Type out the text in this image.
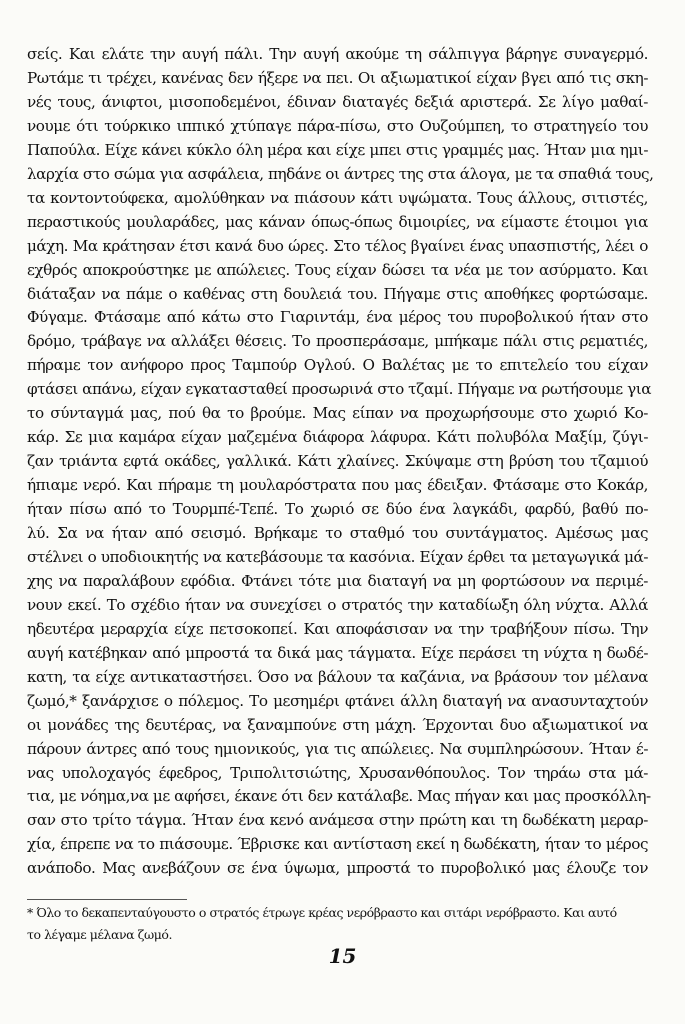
σείς. Και ελάτε την αυγή πάλι. Την αυγή ακούμε τη σάλπιγγα βάρηγε συναγερμό.
Ρωτάμε τι τρέχει, κανένας δεν ήξερε να πει. Οι αξιωματικοί είχαν βγει από τις σκη-
νές τους, άνιφτοι, μισοποδεμένοι, έδιναν διαταγές δεξιά αριστερά. Σε λίγο μαθαί-
νουμε ότι τούρκικο ιππικό χτύπαγε πάρα-πίσω, στο Ουζούμπεη, το στρατηγείο του
Παπούλα. Είχε κάνει κύκλο όλη μέρα και είχε μπει στις γραμμές μας. Ήταν μια ημι-
λαρχία στο σώμα για ασφάλεια, πηδάνε οι άντρες της στα άλογα, με τα σπαθιά τους,
τα κοντοντούφεκα, αμολύθηκαν να πιάσουν κάτι υψώματα. Τους άλλους, σιτιστές,
περαστικούς μουλαράδες, μας κάναν όπως-όπως διμοιρίες, να είμαστε έτοιμοι για
μάχη. Μα κράτησαν έτσι κανά δυο ώρες. Στο τέλος βγαίνει ένας υπασπιστής, λέει ο
εχθρός αποκρούστηκε με απώλειες. Τους είχαν δώσει τα νέα με τον ασύρματο. Και
διάταξαν να πάμε ο καθένας στη δουλειά του. Πήγαμε στις αποθήκες φορτώσαμε.
Φύγαμε. Φτάσαμε από κάτω στο Γιαριντάμ, ένα μέρος του πυροβολικού ήταν στο
δρόμο, τράβαγε να αλλάξει θέσεις. Το προσπεράσαμε, μπήκαμε πάλι στις ρεματιές,
πήραμε τον ανήφορο προς Ταμπούρ Ογλού. Ο Βαλέτας με το επιτελείο του είχαν
φτάσει απάνω, είχαν εγκατασταθεί προσωρινά στο τζαμί. Πήγαμε να ρωτήσουμε για
το σύνταγμά μας, πού θα το βρούμε. Μας είπαν να προχωρήσουμε στο χωριό Κο-
κάρ. Σε μια καμάρα είχαν μαζεμένα διάφορα λάφυρα. Κάτι πολυβόλα Μαξίμ, ζύγι-
ζαν τριάντα εφτά οκάδες, γαλλικά. Κάτι χλαίνες. Σκύψαμε στη βρύση του τζαμιού
ήπιαμε νερό. Και πήραμε τη μουλαρόστρατα που μας έδειξαν. Φτάσαμε στο Κοκάρ,
ήταν πίσω από το Τουρμπέ-Τεπέ. Το χωριό σε δύο ένα λαγκάδι, φαρδύ, βαθύ πο-
λύ. Σα να ήταν από σεισμό. Βρήκαμε το σταθμό του συντάγματος. Αμέσως μας
στέλνει ο υποδιοικητής να κατεβάσουμε τα κασόνια. Είχαν έρθει τα μεταγωγικά μά-
χης να παραλάβουν εφόδια. Φτάνει τότε μια διαταγή να μη φορτώσουν να περιμέ-
νουν εκεί. Το σχέδιο ήταν να συνεχίσει ο στρατός την καταδίωξη όλη νύχτα. Αλλά
ηδευτέρα μεραρχία είχε πετσοκοπεί. Και αποφάσισαν να την τραβήξουν πίσω. Την
αυγή κατέβηκαν από μπροστά τα δικά μας τάγματα. Είχε περάσει τη νύχτα η δωδέ-
κατη, τα είχε αντικαταστήσει. Όσο να βάλουν τα καζάνια, να βράσουν τον μέλανα
ζωμό,* ξανάρχισε ο πόλεμος. Το μεσημέρι φτάνει άλλη διαταγή να ανασυνταχτούν
οι μονάδες της δευτέρας, να ξαναμπούνε στη μάχη. Έρχονται δυο αξιωματικοί να
πάρουν άντρες από τους ημιονικούς, για τις απώλειες. Να συμπληρώσουν. Ήταν έ-
νας υπολοχαγός έφεδρος, Τριπολιτσιώτης, Χρυσανθόπουλος. Τον τηράω στα μά-
τια, με νόημα,να με αφήσει, έκανε ότι δεν κατάλαβε. Μας πήγαν και μας προσκόλλη-
σαν στο τρίτο τάγμα. Ήταν ένα κενό ανάμεσα στην πρώτη και τη δωδέκατη μεραρ-
χία, έπρεπε να το πιάσουμε. Έβρισκε και αντίσταση εκεί η δωδέκατη, ήταν το μέρος
ανάποδο. Μας ανεβάζουν σε ένα ύψωμα, μπροστά το πυροβολικό μας έλουζε τον
* Όλο το δεκαπενταύγουστο ο στρατός έτρωγε κρέας νερόβραστο και σιτάρι νερόβραστο. Και αυτό
το λέγαμε μέλανα ζωμό.
15
